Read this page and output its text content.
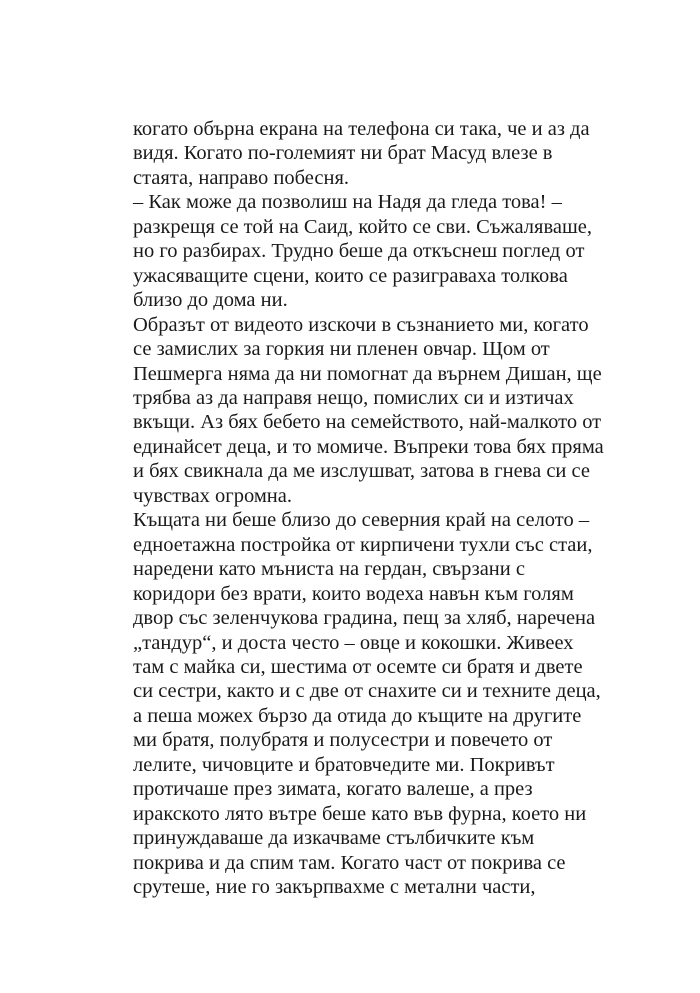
когато обърна екрана на телефона си така, че и аз да
видя. Когато по-големият ни брат Масуд влезе в
стаята, направо побесня.
– Как може да позволиш на Надя да гледа това! –
разкрещя се той на Саид, който се сви. Съжаляваше,
но го разбирах. Трудно беше да откъснеш поглед от
ужасяващите сцени, които се разиграваха толкова
близо до дома ни.
Образът от видеото изскочи в съзнанието ми, когато
се замислих за горкия ни пленен овчар. Щом от
Пешмерга няма да ни помогнат да върнем Дишан, ще
трябва аз да направя нещо, помислих си и изтичах
вкъщи. Аз бях бебето на семейството, най-малкото от
единайсет деца, и то момиче. Въпреки това бях пряма
и бях свикнала да ме изслушват, затова в гнева си се
чувствах огромна.
Къщата ни беше близо до северния край на селото –
едноетажна постройка от кирпичени тухли със стаи,
наредени като мъниста на гердан, свързани с
коридори без врати, които водеха навън към голям
двор със зеленчукова градина, пещ за хляб, наречена
„тандур“, и доста често – овце и кокошки. Живеех
там с майка си, шестима от осемте си братя и двете
си сестри, както и с две от снахите си и техните деца,
а пеша можех бързо да отида до къщите на другите
ми братя, полубратя и полусестри и повечето от
лелите, чичовците и братовчедите ми. Покривът
протичаше през зимата, когато валеше, а през
иракското лято вътре беше като във фурна, което ни
принуждаваше да изкачваме стълбичките към
покрива и да спим там. Когато част от покрива се
срутеше, ние го закърпвахме с метални части,
